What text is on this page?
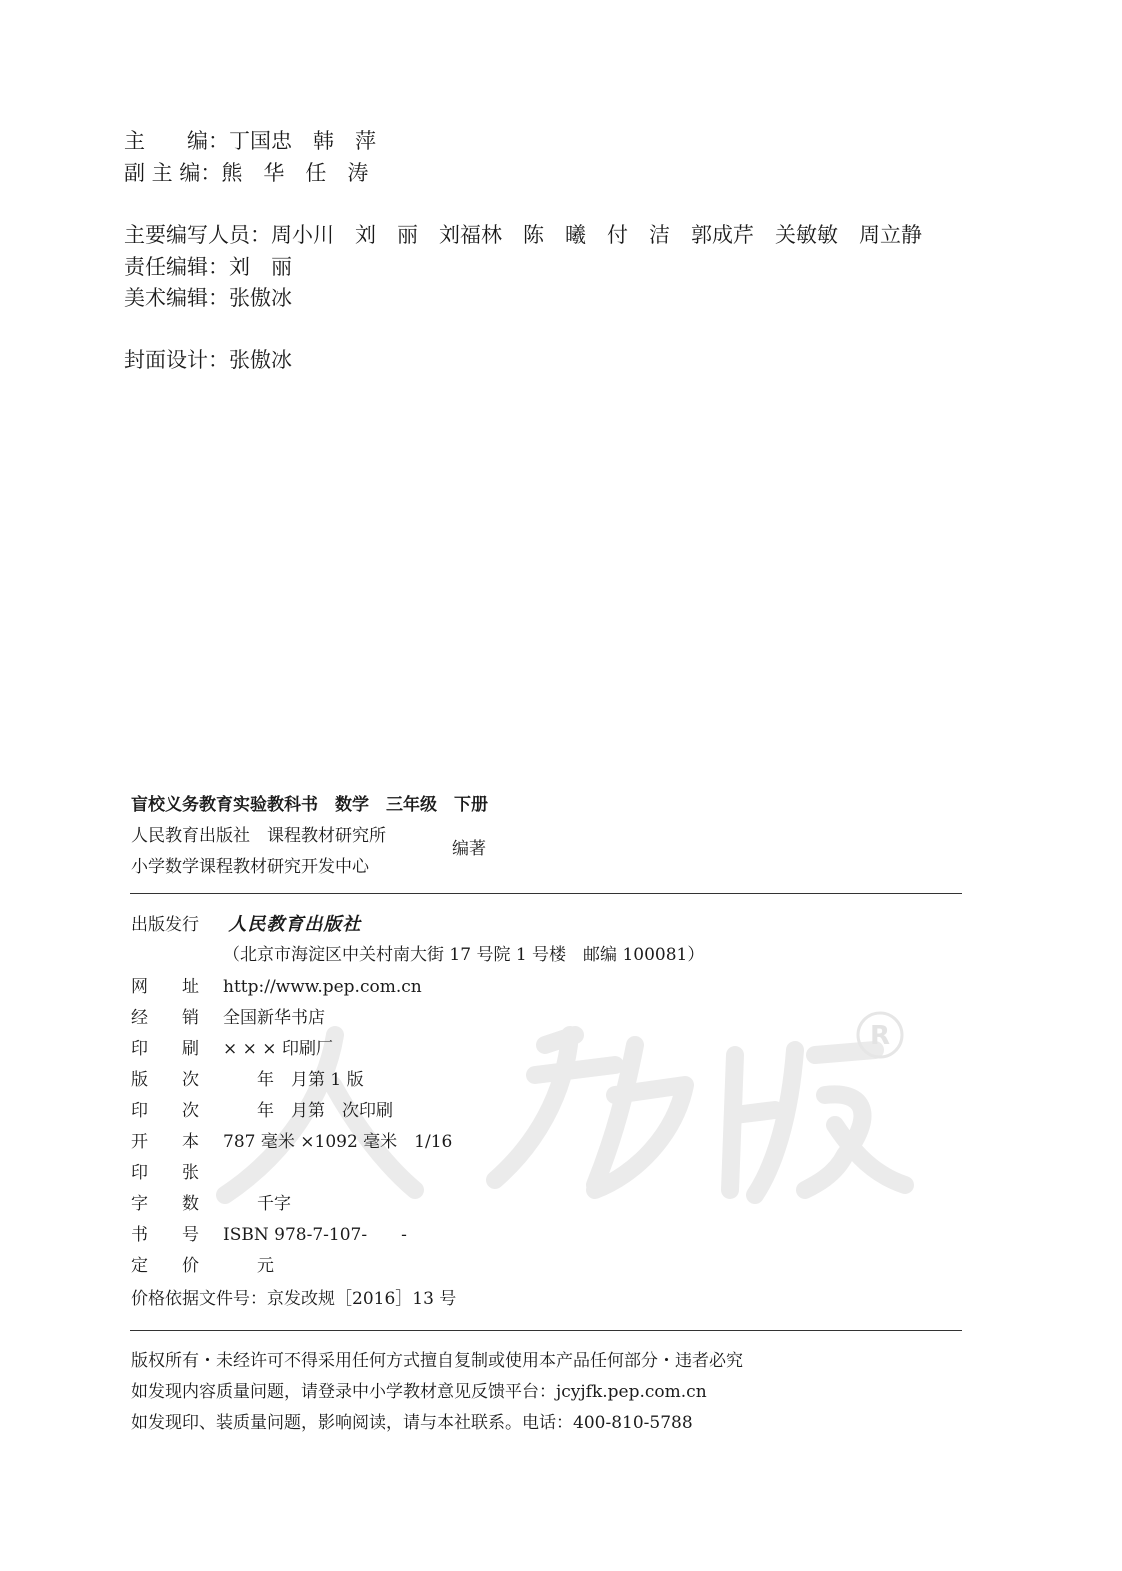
R
主　　编：丁国忠　韩　萍
副 主 编：熊　华　任　涛
主要编写人员：周小川　刘　丽　刘福林　陈　曦　付　洁　郭成芹　关敏敏　周立静
责任编辑：刘　丽
美术编辑：张傲冰
封面设计：张傲冰
盲校义务教育实验教科书　数学　三年级　下册
人民教育出版社　课程教材研究所
小学数学课程教材研究开发中心
编著
出版发行 人民教育出版社
（北京市海淀区中关村南大街 17 号院 1 号楼　邮编 100081）
网　　址 http://www.pep.com.cn
经　　销 全国新华书店
印　　刷 × × × 印刷厂
版　　次　　年　月第 1 版
印　　次　　年　月第　次印刷
开　　本 787 毫米 ×1092 毫米　1/16
印　　张
字　　数　　千字
书　　号 ISBN 978-7-107-　　-
定　　价　　元
价格依据文件号：京发改规［2016］13 号
版权所有・未经许可不得采用任何方式擅自复制或使用本产品任何部分・违者必究
如发现内容质量问题，请登录中小学教材意见反馈平台：jcyjfk.pep.com.cn
如发现印、装质量问题，影响阅读，请与本社联系。电话：400-810-5788
